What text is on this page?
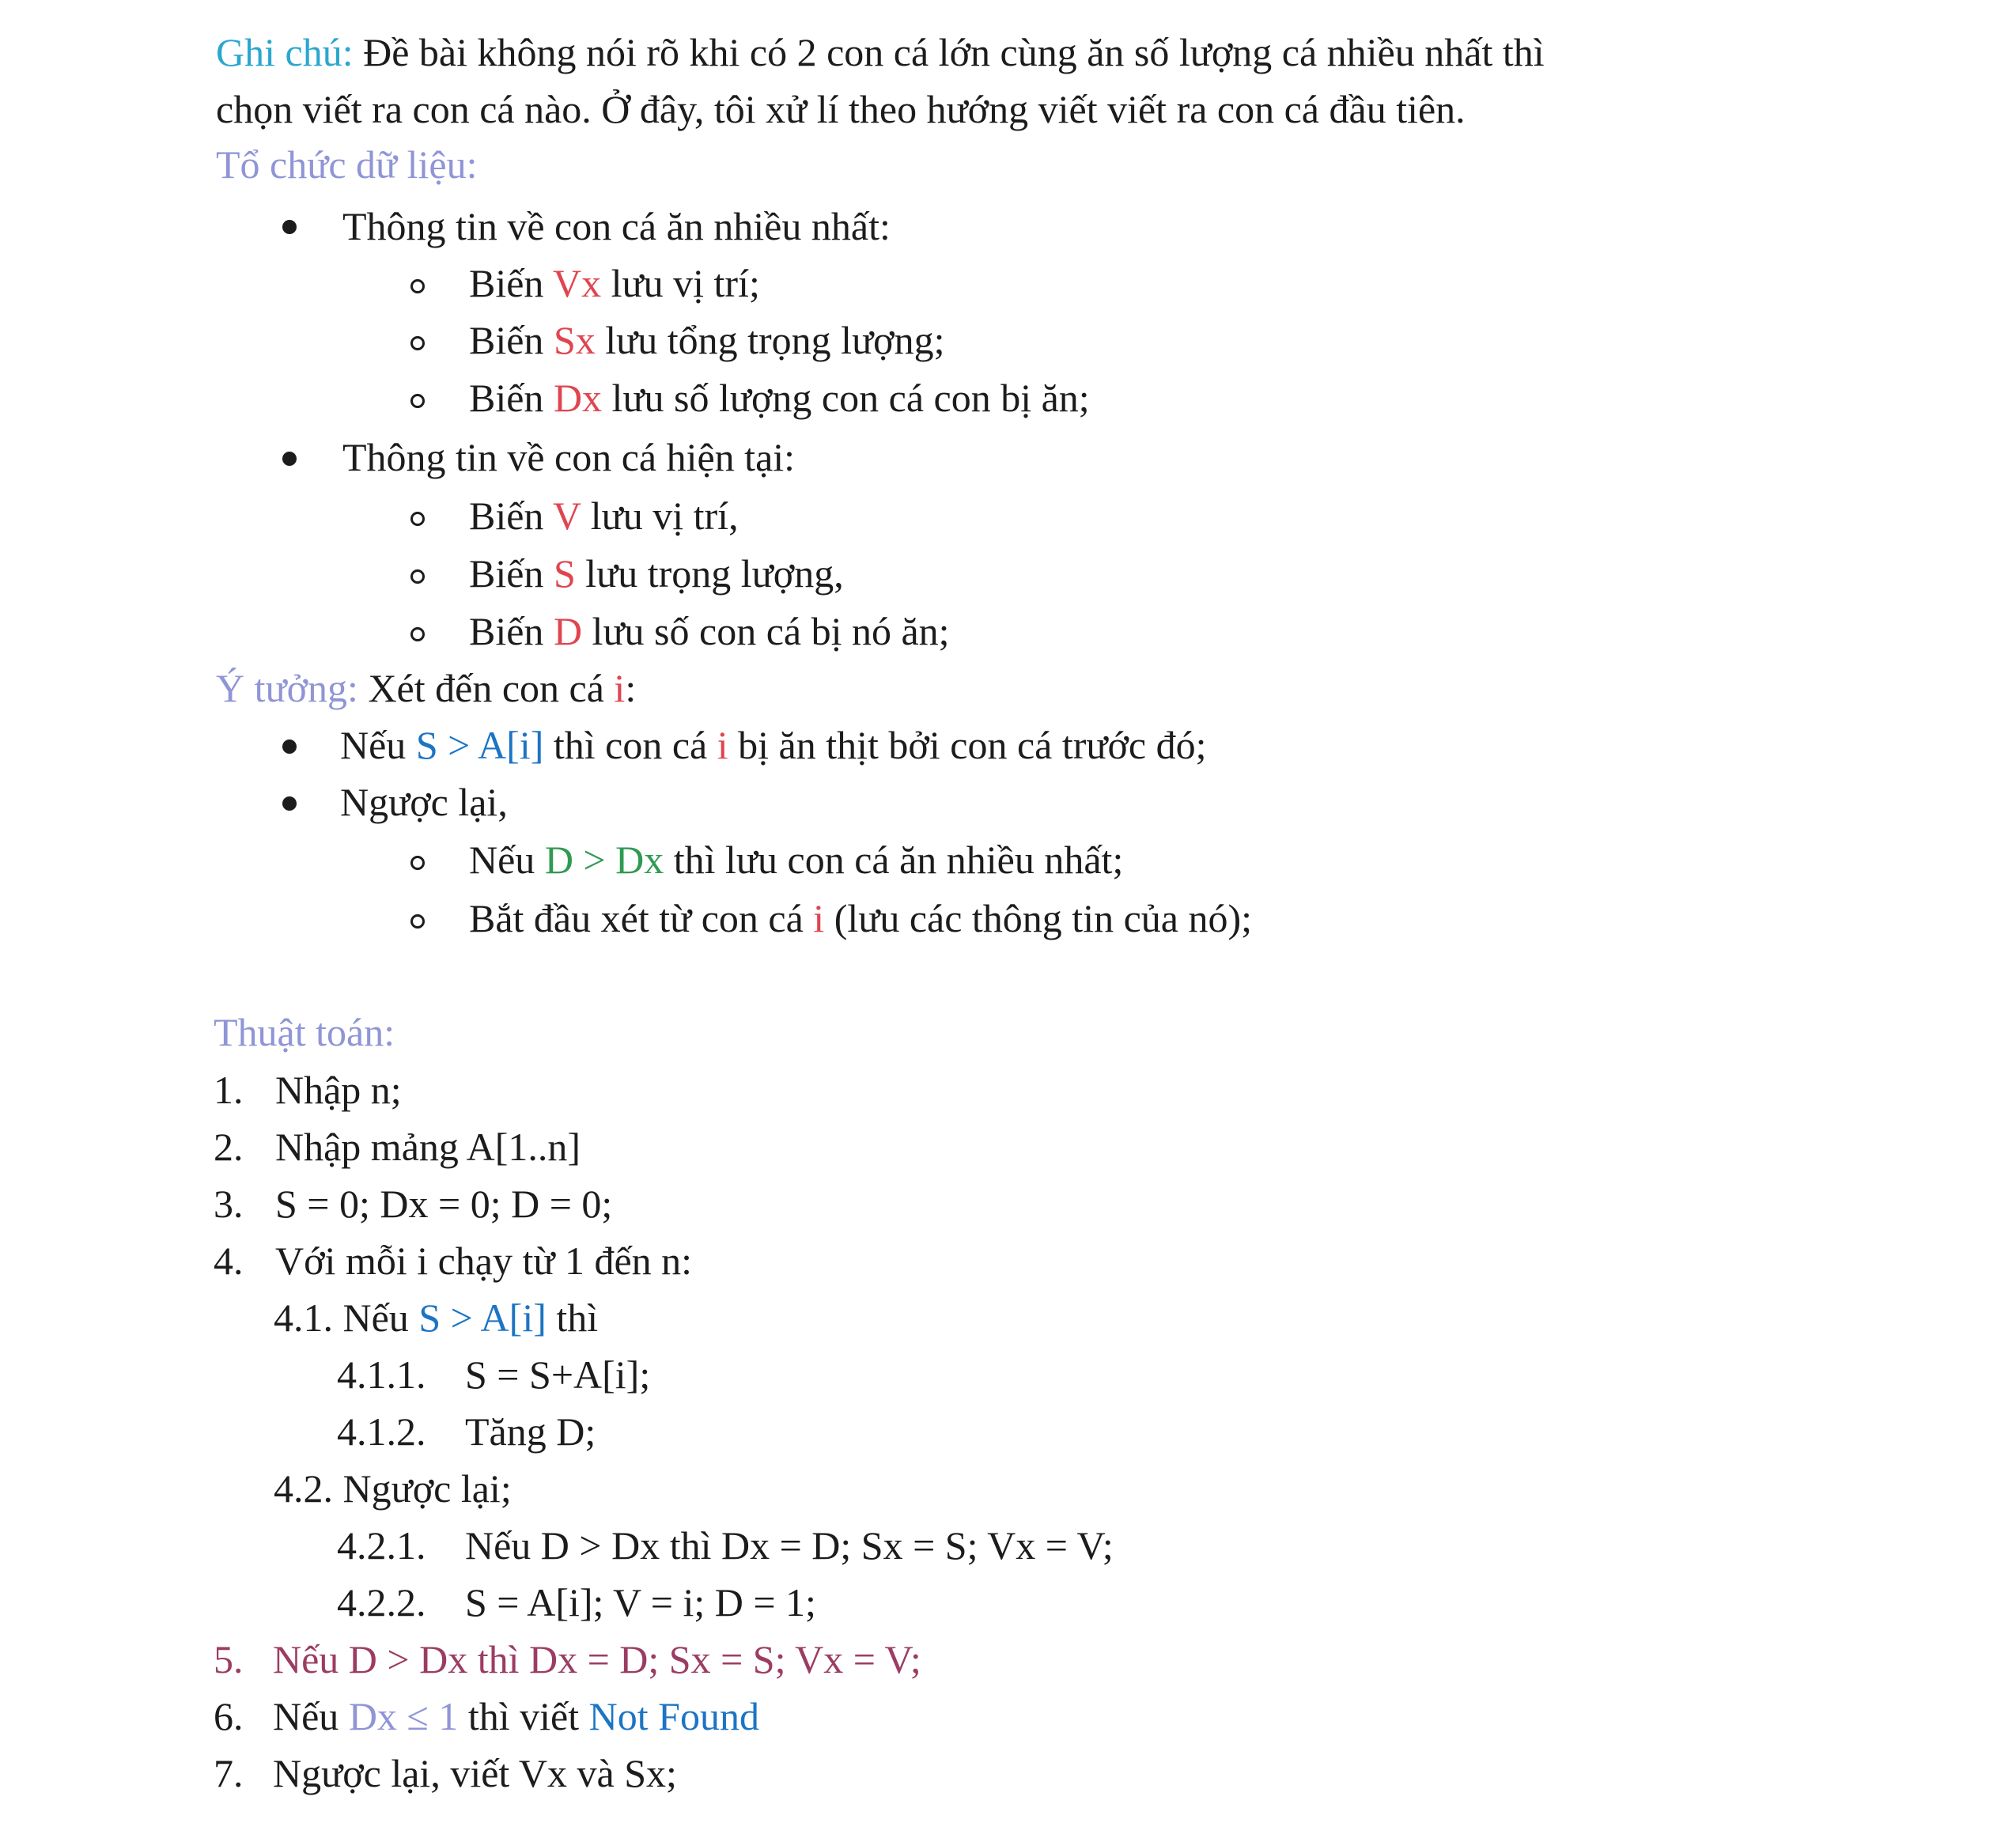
Ghi chú: Đề bài không nói rõ khi có 2 con cá lớn cùng ăn số lượng cá nhiều nhất thì
chọn viết ra con cá nào. Ở đây, tôi xử lí theo hướng viết viết ra con cá đầu tiên.
Tổ chức dữ liệu:
Thông tin về con cá ăn nhiều nhất:
Biến Vx lưu vị trí;
Biến Sx lưu tổng trọng lượng;
Biến Dx lưu số lượng con cá con bị ăn;
Thông tin về con cá hiện tại:
Biến V lưu vị trí,
Biến S lưu trọng lượng,
Biến D lưu số con cá bị nó ăn;
Ý tưởng: Xét đến con cá i:
Nếu S > A[i] thì con cá i bị ăn thịt bởi con cá trước đó;
Ngược lại,
Nếu D > Dx thì lưu con cá ăn nhiều nhất;
Bắt đầu xét từ con cá i (lưu các thông tin của nó);
Thuật toán:
1. Nhập n;
2. Nhập mảng A[1..n]
3. S = 0; Dx = 0; D = 0;
4. Với mỗi i chạy từ 1 đến n:
4.1. Nếu S > A[i] thì
4.1.1. S = S+A[i];
4.1.2. Tăng D;
4.2. Ngược lại;
4.2.1. Nếu D > Dx thì Dx = D; Sx = S; Vx = V;
4.2.2. S = A[i]; V = i; D = 1;
5. Nếu D > Dx thì Dx = D; Sx = S; Vx = V;
6. Nếu Dx ≤ 1 thì viết Not Found
7. Ngược lại, viết Vx và Sx;
